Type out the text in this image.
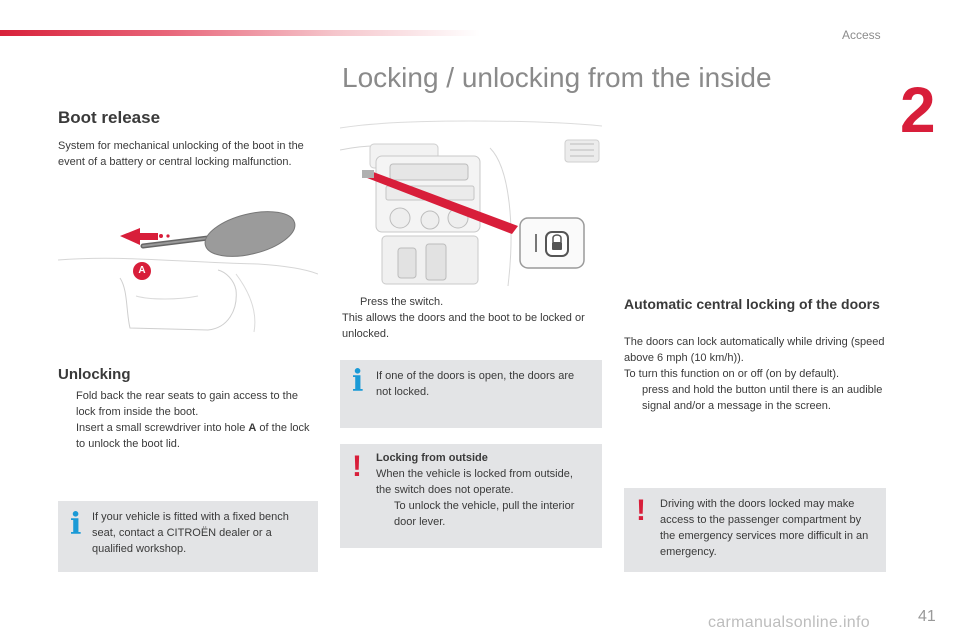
Access
2
Locking / unlocking from the inside
Boot release

System for mechanical unlocking of the boot in the event of a battery or central locking malfunction.

A
Unlocking

Fold back the rear seats to gain access to the lock from inside the boot.

Insert a small screwdriver into hole A of the lock to unlock the boot lid.

i If your vehicle is fitted with a fixed bench seat, contact a CITROËN dealer or a qualified workshop.

Press the switch.

This allows the doors and the boot to be locked or unlocked.

i If one of the doors is open, the doors are not locked.

! Locking from outside

When the vehicle is locked from outside, the switch does not operate.

To unlock the vehicle, pull the interior door lever.

Automatic central locking of the doors

The doors can lock automatically while driving (speed above 6 mph (10 km/h)).

To turn this function on or off (on by default).

press and hold the button until there is an audible signal and/or a message in the screen.

! Driving with the doors locked may make access to the passenger compartment by the emergency services more difficult in an emergency.

carmanualsonline.info	41
